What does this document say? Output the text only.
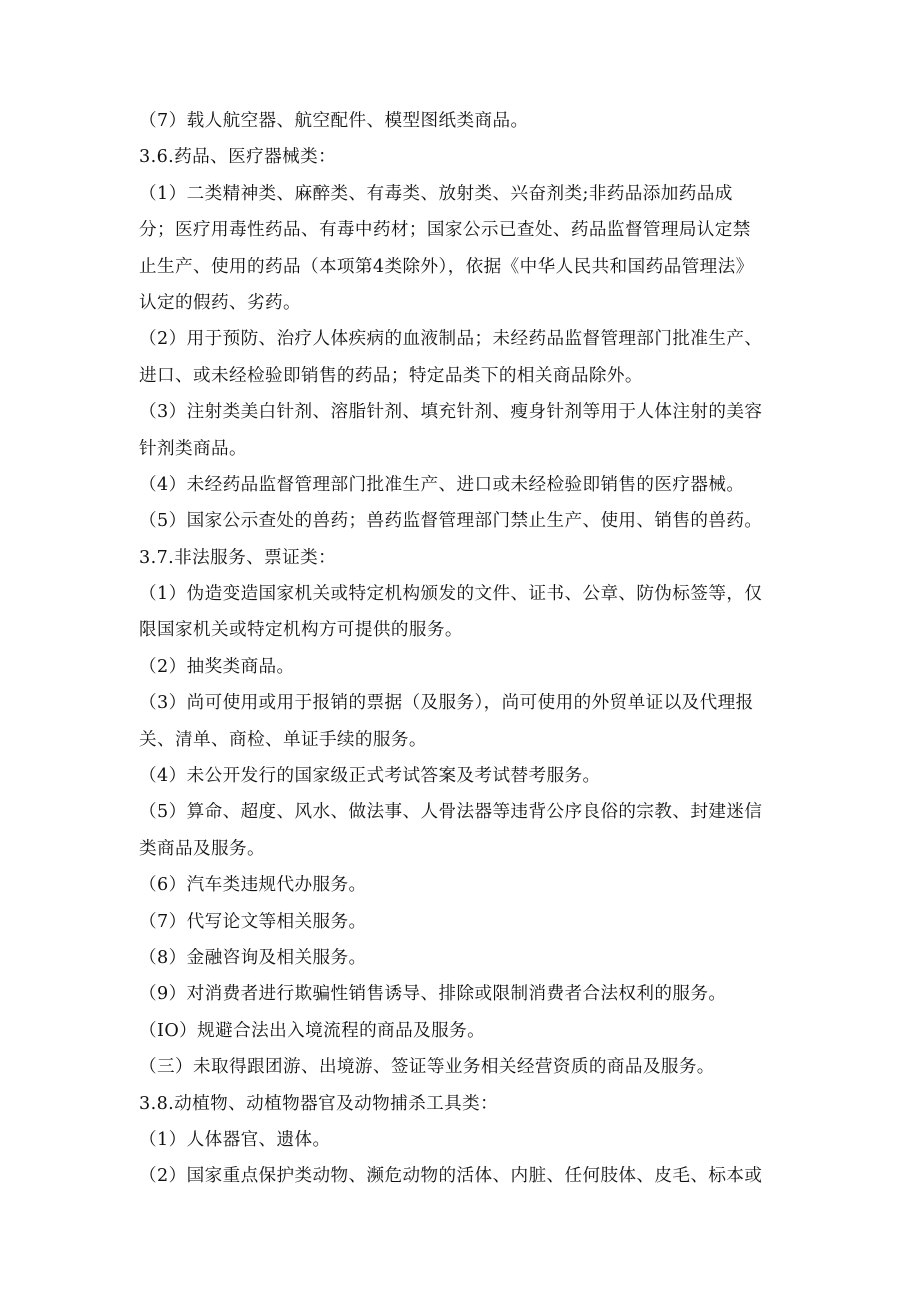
（7）载人航空器、航空配件、模型图纸类商品。
3.6.药品、医疗器械类：
（1）二类精神类、麻醉类、有毒类、放射类、兴奋剂类;非药品添加药品成
分；医疗用毒性药品、有毒中药材；国家公示已查处、药品监督管理局认定禁
止生产、使用的药品（本项第4类除外），依据《中华人民共和国药品管理法》
认定的假药、劣药。
（2）用于预防、治疗人体疾病的血液制品；未经药品监督管理部门批准生产、
进口、或未经检验即销售的药品；特定品类下的相关商品除外。
（3）注射类美白针剂、溶脂针剂、填充针剂、瘦身针剂等用于人体注射的美容
针剂类商品。
（4）未经药品监督管理部门批准生产、进口或未经检验即销售的医疗器械。
（5）国家公示查处的兽药；兽药监督管理部门禁止生产、使用、销售的兽药。
3.7.非法服务、票证类：
（1）伪造变造国家机关或特定机构颁发的文件、证书、公章、防伪标签等，仅
限国家机关或特定机构方可提供的服务。
（2）抽奖类商品。
（3）尚可使用或用于报销的票据（及服务），尚可使用的外贸单证以及代理报
关、清单、商检、单证手续的服务。
（4）未公开发行的国家级正式考试答案及考试替考服务。
（5）算命、超度、风水、做法事、人骨法器等违背公序良俗的宗教、封建迷信
类商品及服务。
（6）汽车类违规代办服务。
（7）代写论文等相关服务。
（8）金融咨询及相关服务。
（9）对消费者进行欺骗性销售诱导、排除或限制消费者合法权利的服务。
（IO）规避合法出入境流程的商品及服务。
（三）未取得跟团游、出境游、签证等业务相关经营资质的商品及服务。
3.8.动植物、动植物器官及动物捕杀工具类：
（1）人体器官、遗体。
（2）国家重点保护类动物、濒危动物的活体、内脏、任何肢体、皮毛、标本或
